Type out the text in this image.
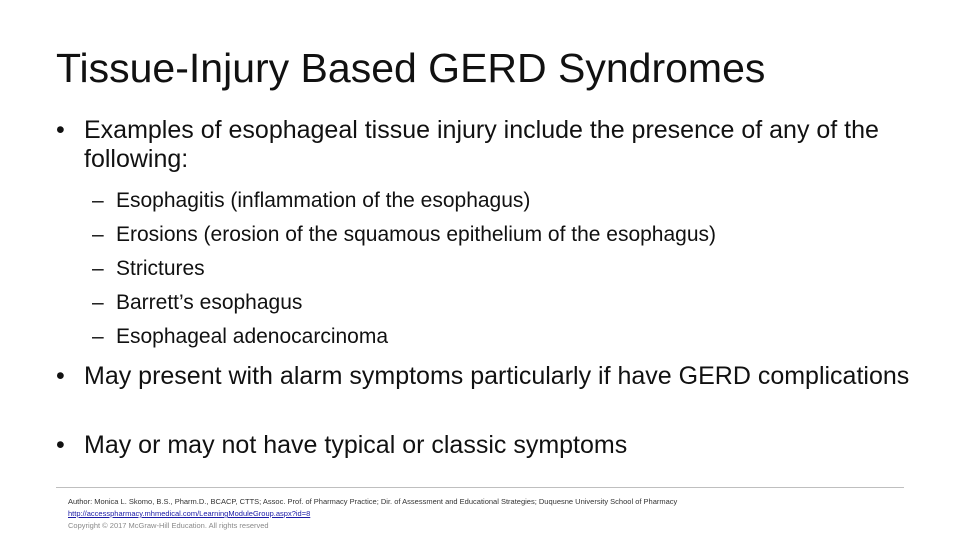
Tissue-Injury Based GERD Syndromes
• Examples of esophageal tissue injury include the presence of any of the following:
– Esophagitis (inflammation of the esophagus)
– Erosions (erosion of the squamous epithelium of the esophagus)
– Strictures
– Barrett’s esophagus
– Esophageal adenocarcinoma
• May present with alarm symptoms particularly if have GERD complications
• May or may not have typical or classic symptoms
Author: Monica L. Skomo, B.S., Pharm.D., BCACP, CTTS; Assoc. Prof. of Pharmacy Practice; Dir. of Assessment and Educational Strategies; Duquesne University School of Pharmacy
http://accesspharmacy.mhmedical.com/LearningModuleGroup.aspx?id=8
Copyright © 2017 McGraw-Hill Education. All rights reserved
